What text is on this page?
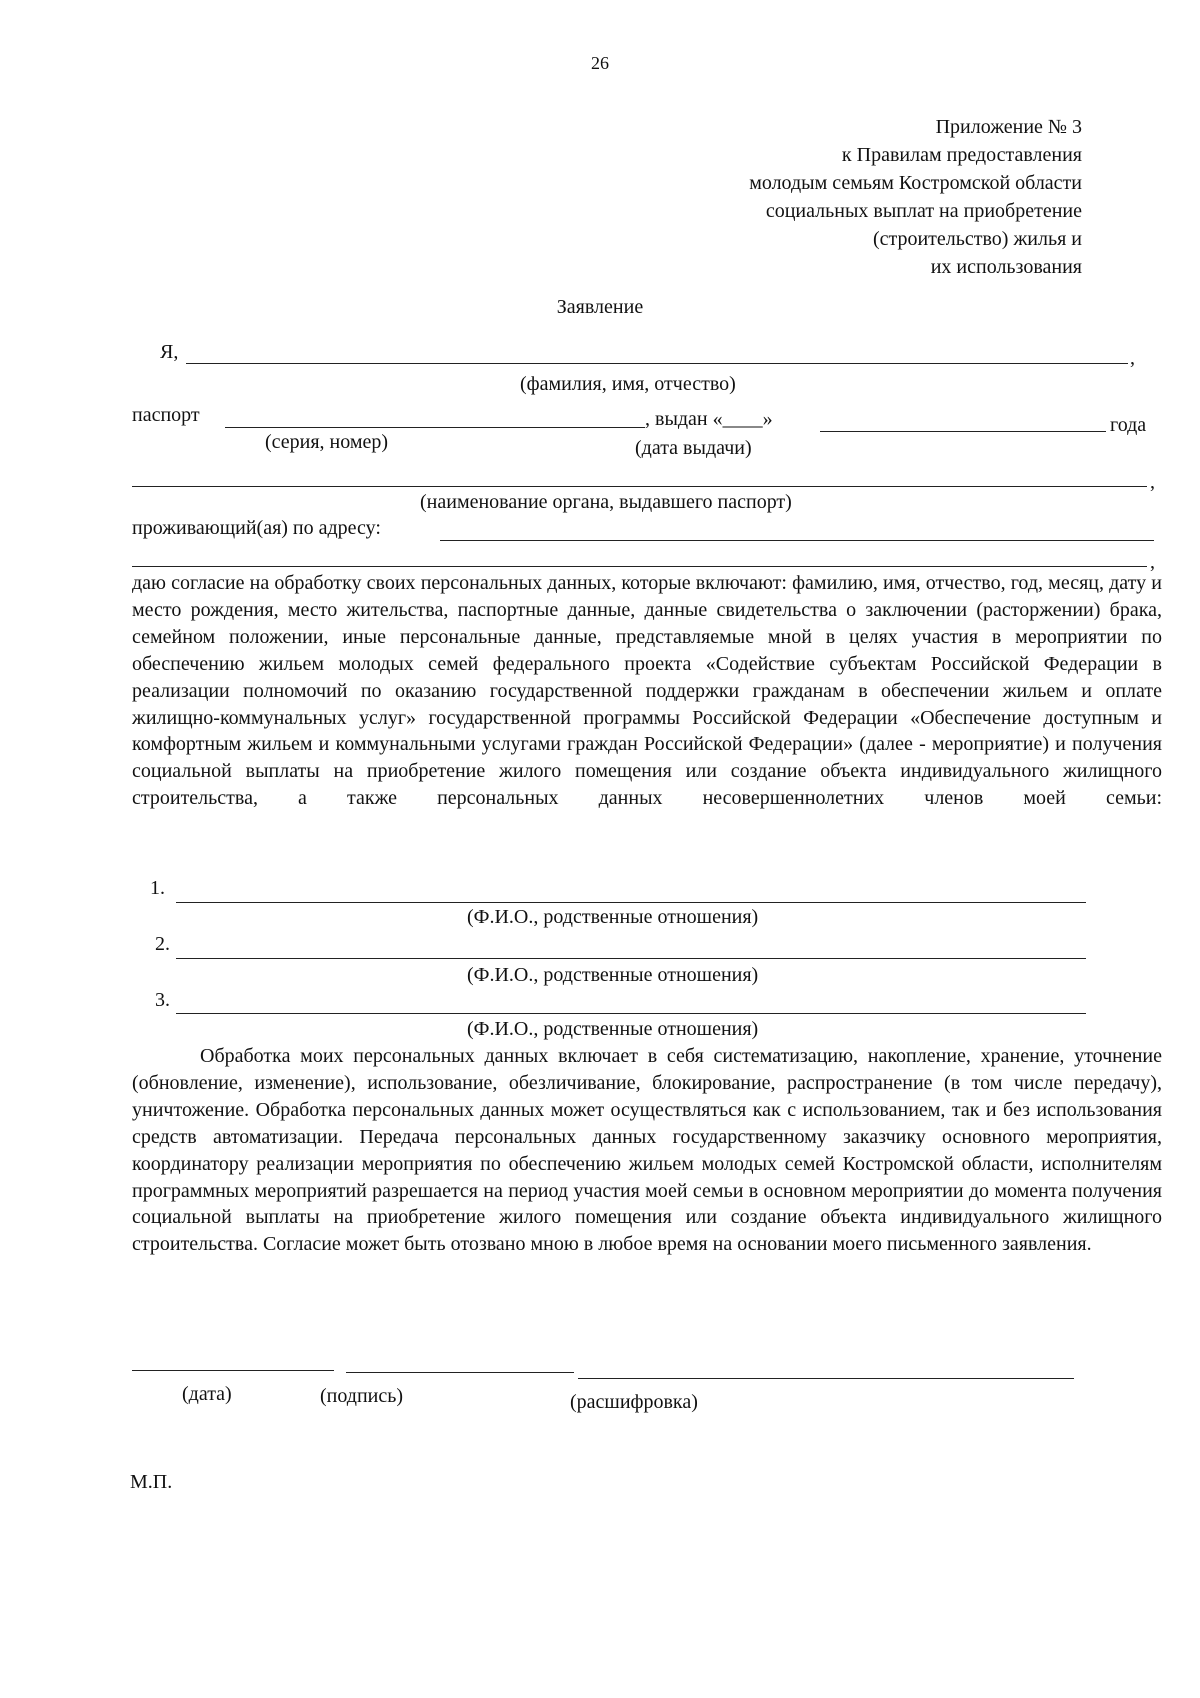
26
Приложение № 3
к Правилам предоставления
молодым семьям Костромской области
социальных выплат на приобретение
(строительство) жилья и
их использования
Заявление
Я,	,
(фамилия, имя, отчество)
паспорт	, выдан «____»	года
(серия, номер)	(дата выдачи)
,
(наименование органа, выдавшего паспорт)
проживающий(ая) по адресу:
,
даю согласие на обработку своих персональных данных, которые включают: фамилию, имя, отчество, год, месяц, дату и место рождения, место жительства, паспортные данные, данные свидетельства о заключении (расторжении) брака, семейном положении, иные персональные данные, представляемые мной в целях участия в мероприятии по обеспечению жильем молодых семей федерального проекта «Содействие субъектам Российской Федерации в реализации полномочий по оказанию государственной поддержки гражданам в обеспечении жильем и оплате жилищно-коммунальных услуг» государственной программы Российской Федерации «Обеспечение доступным и комфортным жильем и коммунальными услугами граждан Российской Федерации» (далее - мероприятие) и получения социальной выплаты на приобретение жилого помещения или создание объекта индивидуального жилищного строительства, а также персональных данных несовершеннолетних членов моей семьи:
1.
(Ф.И.О., родственные отношения)
2.
(Ф.И.О., родственные отношения)
3.
(Ф.И.О., родственные отношения)
Обработка моих персональных данных включает в себя систематизацию, накопление, хранение, уточнение (обновление, изменение), использование, обезличивание, блокирование, распространение (в том числе передачу), уничтожение. Обработка персональных данных может осуществляться как с использованием, так и без использования средств автоматизации. Передача персональных данных государственному заказчику основного мероприятия, координатору реализации мероприятия по обеспечению жильем молодых семей Костромской области, исполнителям программных мероприятий разрешается на период участия моей семьи в основном мероприятии до момента получения социальной выплаты на приобретение жилого помещения или создание объекта индивидуального жилищного строительства. Согласие может быть отозвано мною в любое время на основании моего письменного заявления.
(дата)	(подпись)	(расшифровка)
М.П.
